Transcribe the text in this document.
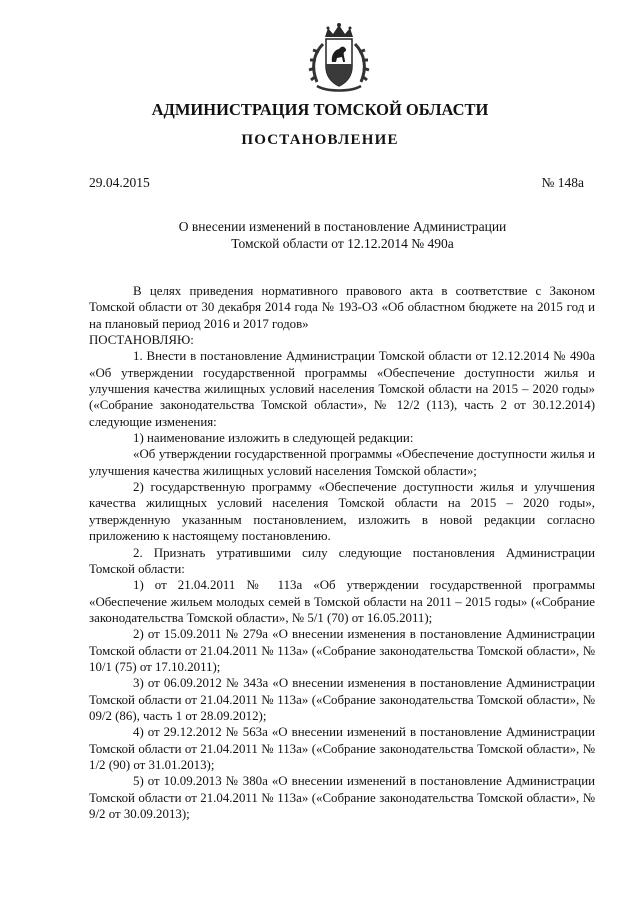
АДМИНИСТРАЦИЯ ТОМСКОЙ ОБЛАСТИ
ПОСТАНОВЛЕНИЕ
29.04.2015	№ 148а
О внесении изменений в постановление Администрации
Томской области от 12.12.2014 № 490а

В целях приведения нормативного правового акта в соответствие с Законом Томской области от 30 декабря 2014 года № 193-ОЗ «Об областном бюджете на 2015 год и на плановый период 2016 и 2017 годов»

ПОСТАНОВЛЯЮ:

1. Внести в постановление Администрации Томской области от 12.12.2014 № 490а «Об утверждении государственной программы «Обеспечение доступности жилья и улучшения качества жилищных условий населения Томской области на 2015 – 2020 годы» («Собрание законодательства Томской области», № 12/2 (113), часть 2 от 30.12.2014) следующие изменения:

1) наименование изложить в следующей редакции:

«Об утверждении государственной программы «Обеспечение доступности жилья и улучшения качества жилищных условий населения Томской области»;

2) государственную программу «Обеспечение доступности жилья и улучшения качества жилищных условий населения Томской области на 2015 – 2020 годы», утвержденную указанным постановлением, изложить в новой редакции согласно приложению к настоящему постановлению.

2. Признать утратившими силу следующие постановления Администрации Томской области:

1) от 21.04.2011 № 113а «Об утверждении государственной программы «Обеспечение жильем молодых семей в Томской области на 2011 – 2015 годы» («Собрание законодательства Томской области», № 5/1 (70) от 16.05.2011);

2) от 15.09.2011 № 279а «О внесении изменения в постановление Администрации Томской области от 21.04.2011 № 113а» («Собрание законодательства Томской области», № 10/1 (75) от 17.10.2011);

3) от 06.09.2012 № 343а «О внесении изменения в постановление Администрации Томской области от 21.04.2011 № 113а» («Собрание законодательства Томской области», № 09/2 (86), часть 1 от 28.09.2012);

4) от 29.12.2012 № 563а «О внесении изменений в постановление Администрации Томской области от 21.04.2011 № 113а» («Собрание законодательства Томской области», № 1/2 (90) от 31.01.2013);

5) от 10.09.2013 № 380а «О внесении изменений в постановление Администрации Томской области от 21.04.2011 № 113а» («Собрание законодательства Томской области», № 9/2 от 30.09.2013);
